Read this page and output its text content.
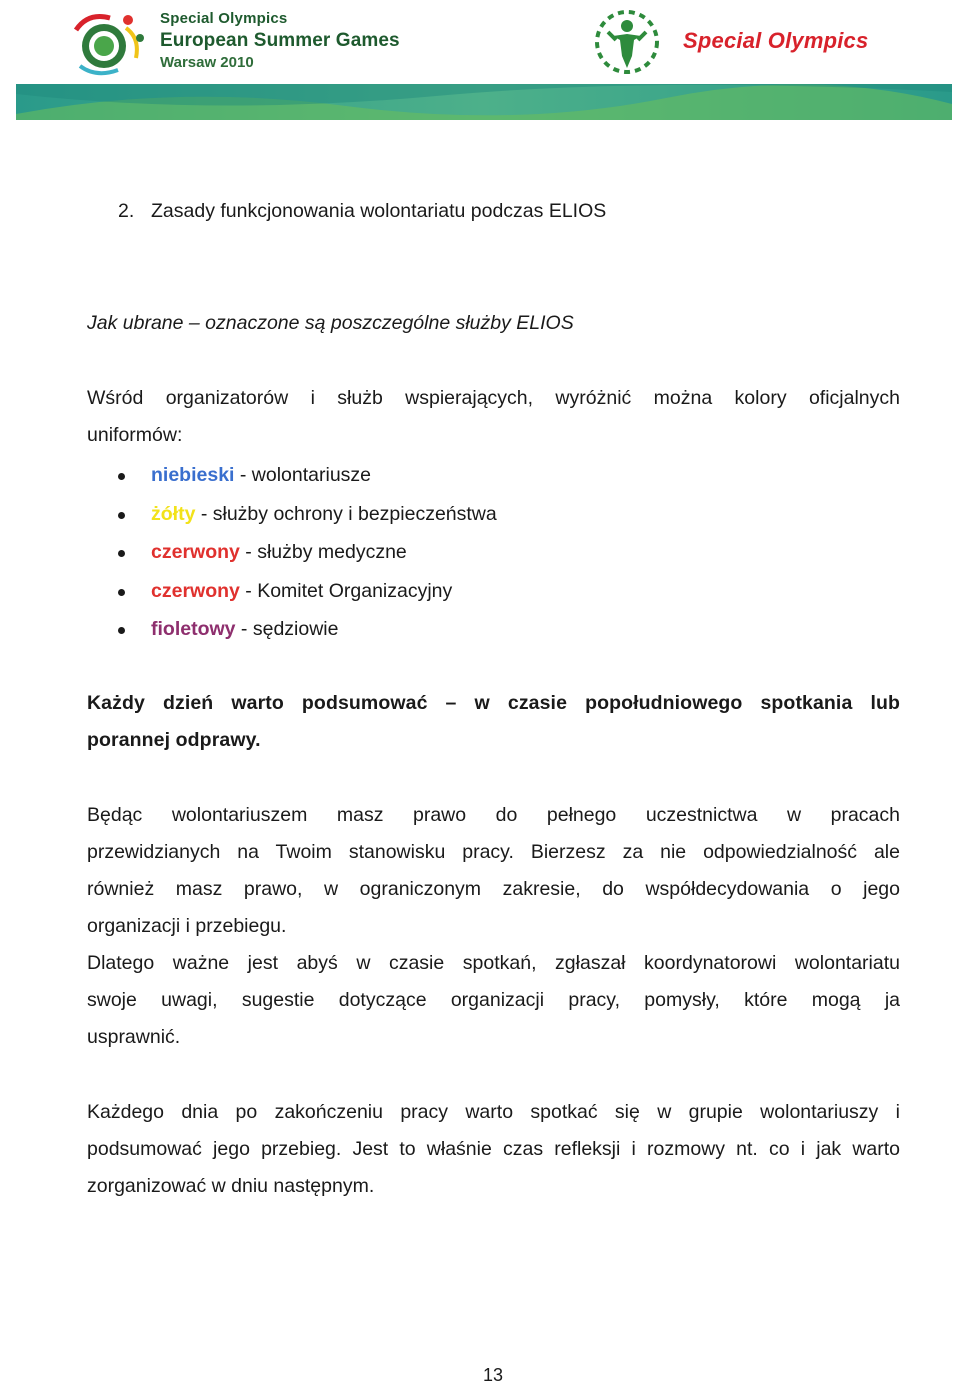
Special Olympics
European Summer Games
Warsaw 2010
Special Olympics
2. Zasady funkcjonowania wolontariatu podczas ELIOS
Jak ubrane – oznaczone są poszczególne służby ELIOS
Wśród organizatorów i służb wspierających, wyróżnić można kolory oficjalnych
uniformów:
niebieski - wolontariusze
żółty - służby ochrony i bezpieczeństwa
czerwony - służby medyczne
czerwony - Komitet Organizacyjny
fioletowy - sędziowie
Każdy dzień warto podsumować – w czasie popołudniowego spotkania lub
porannej odprawy.
Będąc wolontariuszem masz prawo do pełnego uczestnictwa w pracach
przewidzianych na Twoim stanowisku pracy. Bierzesz za nie odpowiedzialność ale
również masz prawo, w ograniczonym zakresie, do współdecydowania o jego
organizacji i przebiegu.
Dlatego ważne jest abyś w czasie spotkań, zgłaszał koordynatorowi wolontariatu
swoje uwagi, sugestie dotyczące organizacji pracy, pomysły, które mogą ja
usprawnić.
Każdego dnia po zakończeniu pracy warto spotkać się w grupie wolontariuszy i
podsumować jego przebieg. Jest to właśnie czas refleksji i rozmowy nt. co i jak warto
zorganizować w dniu następnym.
13
